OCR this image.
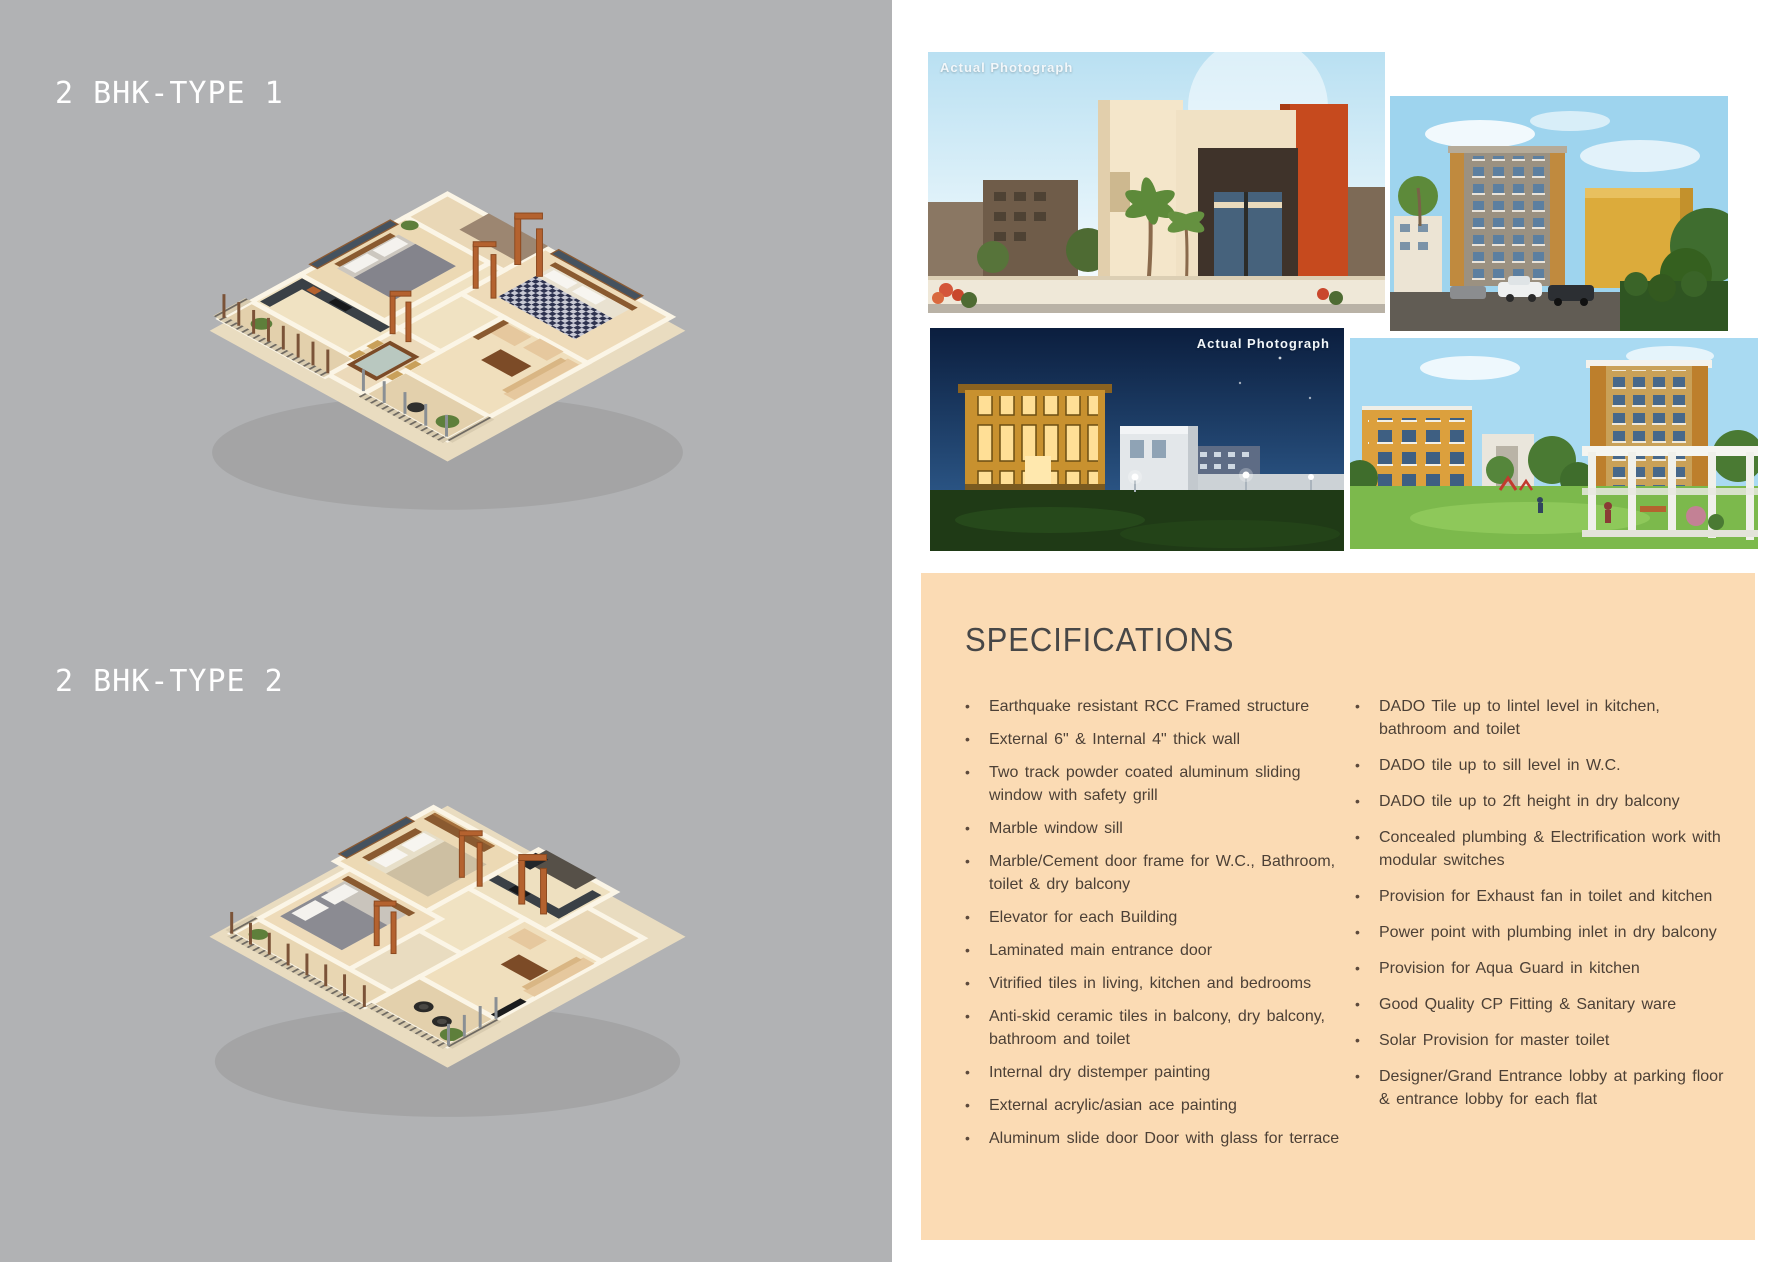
2 BHK-TYPE 1
2 BHK-TYPE 2
Actual Photograph
Actual Photograph
SPECIFICATIONS
•	Earthquake resistant RCC Framed structure
•	External 6" & Internal 4" thick wall
•	Two track powder coated aluminum sliding window with safety grill
•	Marble window sill
•	Marble/Cement door frame for W.C., Bathroom, toilet & dry balcony
•	Elevator for each Building
•	Laminated main entrance door
•	Vitrified tiles in living, kitchen and bedrooms
•	Anti-skid ceramic tiles in balcony, dry balcony, bathroom and toilet
•	Internal dry distemper painting
•	External acrylic/asian ace painting
•	Aluminum slide door Door with glass for terrace
•	DADO Tile up to lintel level in kitchen, bathroom and toilet
•	DADO tile up to sill level in W.C.
•	DADO tile up to 2ft height in dry balcony
•	Concealed plumbing & Electrification work with modular switches
•	Provision for Exhaust fan in toilet and kitchen
•	Power point with plumbing inlet in dry balcony
•	Provision for Aqua Guard in kitchen
•	Good Quality CP Fitting & Sanitary ware
•	Solar Provision for master toilet
•	Designer/Grand Entrance lobby at parking floor & entrance lobby for each flat
